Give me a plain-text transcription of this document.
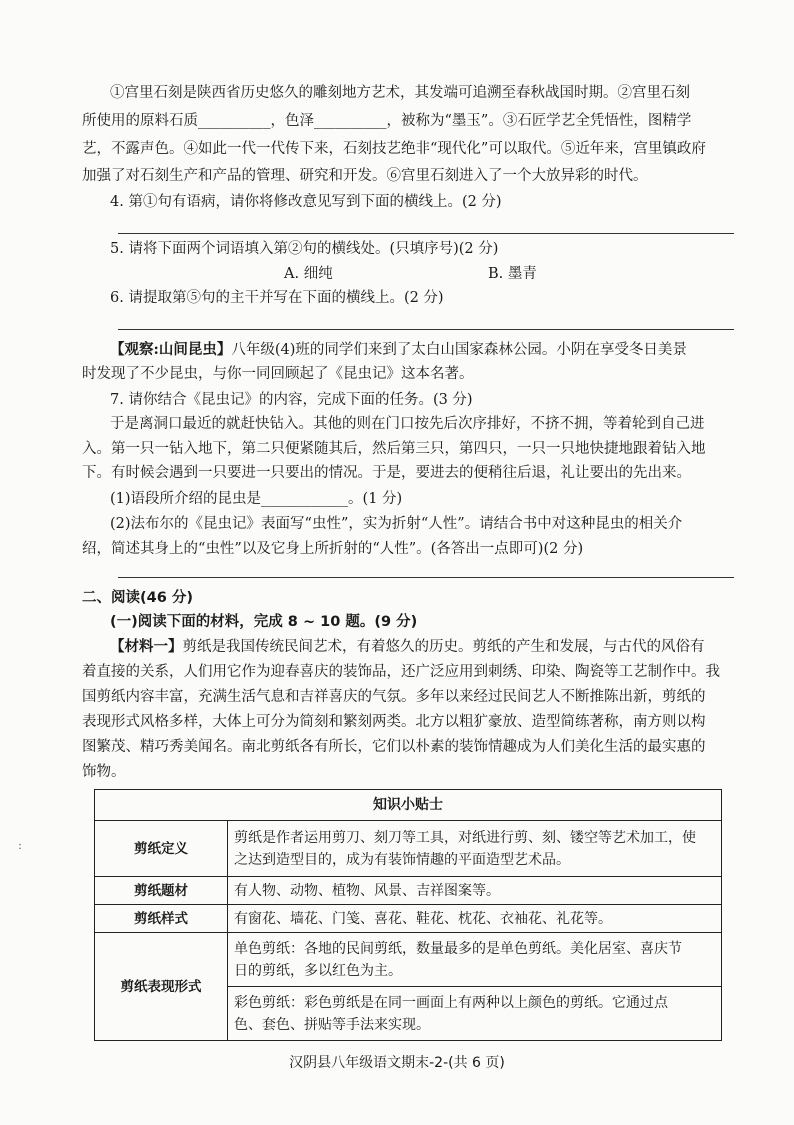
①宫里石刻是陕西省历史悠久的雕刻地方艺术，其发端可追溯至春秋战国时期。②宫里石刻
所使用的原料石质__________，色泽__________，被称为“墨玉”。③石匠学艺全凭悟性，图精学
艺，不露声色。④如此一代一代传下来，石刻技艺绝非“现代化”可以取代。⑤近年来，宫里镇政府
加强了对石刻生产和产品的管理、研究和开发。⑥宫里石刻进入了一个大放异彩的时代。
4. 第①句有语病，请你将修改意见写到下面的横线上。(2 分)
5. 请将下面两个词语填入第②句的横线处。(只填序号)(2 分)
A. 细纯	B. 墨青
6. 请提取第⑤句的主干并写在下面的横线上。(2 分)
【观察:山间昆虫】八年级(4)班的同学们来到了太白山国家森林公园。小阴在享受冬日美景
时发现了不少昆虫，与你一同回顾起了《昆虫记》这本名著。
7. 请你结合《昆虫记》的内容，完成下面的任务。(3 分)
于是离洞口最近的就赶快钻入。其他的则在门口按先后次序排好，不挤不拥，等着轮到自己进
入。第一只一钻入地下，第二只便紧随其后，然后第三只，第四只，一只一只地快捷地跟着钻入地
下。有时候会遇到一只要进一只要出的情况。于是，要进去的便稍往后退，礼让要出的先出来。
(1)语段所介绍的昆虫是____________。(1 分)
(2)法布尔的《昆虫记》表面写“虫性”，实为折射“人性”。请结合书中对这种昆虫的相关介
绍，简述其身上的“虫性”以及它身上所折射的“人性”。(各答出一点即可)(2 分)
二、阅读(46 分)
(一)阅读下面的材料，完成 8 ~ 10 题。(9 分)
【材料一】剪纸是我国传统民间艺术，有着悠久的历史。剪纸的产生和发展，与古代的风俗有
着直接的关系，人们用它作为迎春喜庆的装饰品，还广泛应用到刺绣、印染、陶瓷等工艺制作中。我
国剪纸内容丰富，充满生活气息和吉祥喜庆的气氛。多年以来经过民间艺人不断推陈出新，剪纸的
表现形式风格多样，大体上可分为简刻和繁刻两类。北方以粗犷豪放、造型简练著称，南方则以构
图繁茂、精巧秀美闻名。南北剪纸各有所长，它们以朴素的装饰情趣成为人们美化生活的最实惠的
饰物。
知识小贴士	
剪纸定义	剪纸是作者运用剪刀、刻刀等工具，对纸进行剪、刻、镂空等艺术加工，使
之达到造型目的，成为有装饰情趣的平面造型艺术品。

剪纸题材	有人物、动物、植物、风景、吉祥图案等。
剪纸样式	有窗花、墙花、门笺、喜花、鞋花、枕花、衣袖花、礼花等。
剪纸表现形式	单色剪纸：各地的民间剪纸，数量最多的是单色剪纸。美化居室、喜庆节
日的剪纸，多以红色为主。

	彩色剪纸：彩色剪纸是在同一画面上有两种以上颜色的剪纸。它通过点
色、套色、拼贴等手法来实现。
ː
汉阴县八年级语文期末-2-(共 6 页)
